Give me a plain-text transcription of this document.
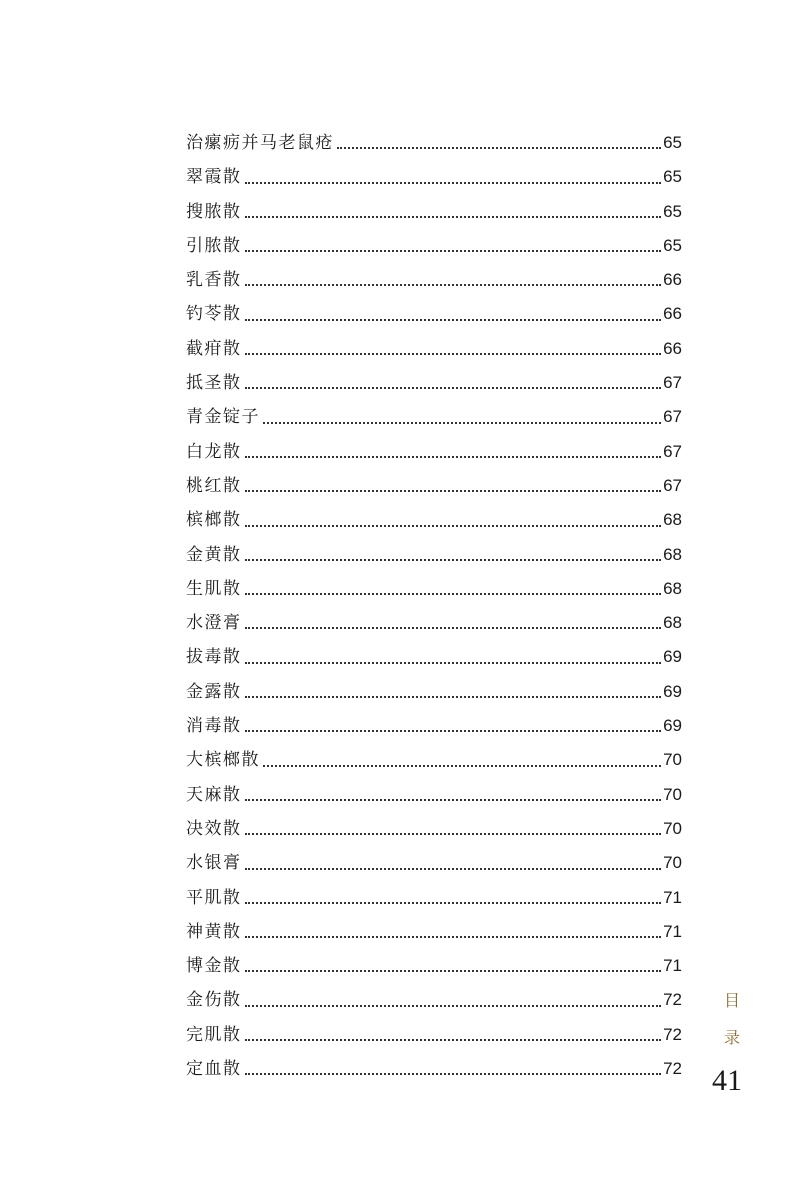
治瘰疬并马老鼠疮	65
翠霞散	65
搜脓散	65
引脓散	65
乳香散	66
钓苓散	66
截疳散	66
抵圣散	67
青金锭子	67
白龙散	67
桃红散	67
槟榔散	68
金黄散	68
生肌散	68
水澄膏	68
拔毒散	69
金露散	69
消毒散	69
大槟榔散	70
天麻散	70
决效散	70
水银膏	70
平肌散	71
神黄散	71
博金散	71
金伤散	72
完肌散	72
定血散	72
目
录
41
